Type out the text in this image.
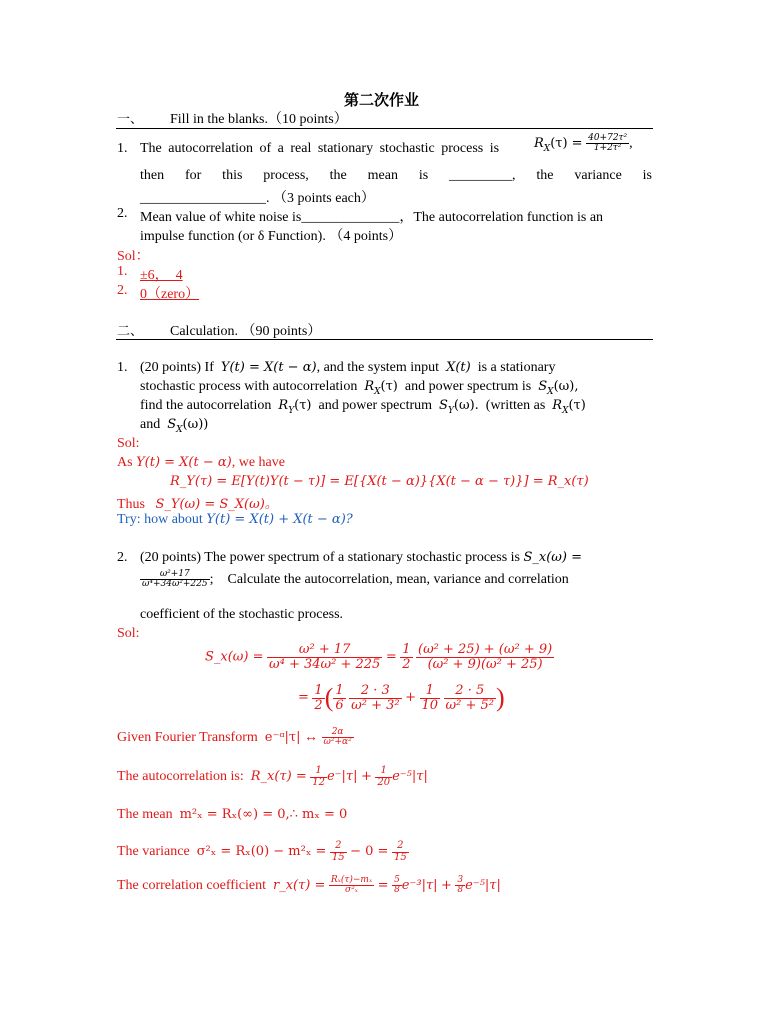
第二次作业
一、 Fill in the blanks.（10 points）
1. The autocorrelation of a real stationary stochastic process is	$R_X(\tau) = \frac{\text{40+72τ²}}{\text{1+2τ²}}$ ,
then for this process, the mean is _________, the variance is
__________________. （3 points each）
2. Mean value of white noise is______________，The autocorrelation function is an
impulse function (or δ Function). （4 points）
Sol：
1. ±6，  4
2. 0（zero）
二、 Calculation. （90 points）
1. (20 points) If Y(t) = X(t − α), and the system input X(t) is a stationary
stochastic process with autocorrelation $R_X(\tau)$ and power spectrum is $S_X(\omega)$,
find the autocorrelation $R_Y(\tau)$ and power spectrum $S_Y(\omega)$. (written as $R_X(\tau)$
and $S_X(\omega)$)
Sol:
As Y(t) = X(t − α), we have
R_Y(τ) = E[Y(t)Y(t − τ)] = E[{X(t − α)}{X(t − α − τ)}] = R_x(τ)
Thus S_Y(ω) = S_X(ω)。
Try: how about Y(t) = X(t) + X(t − α)?
2. (20 points) The power spectrum of a stationary stochastic process is S_x(ω) =
$\frac{\text{ω²+17}}{\text{ω⁴+34ω²+225}}$ ; Calculate the autocorrelation, mean, variance and correlation
coefficient of the stochastic process.
Sol:
S_x(ω) = $\frac{\text{ω² + 17}}{\text{ω⁴ + 34ω² + 225}} = \frac{1}{2}$
$\frac{\text{(ω² + 25) + (ω² + 9)}}{\text{(ω² + 9)(ω² + 25)}}$
= $\frac{1}{2}$ ( $\frac{1}{6}$
$\frac{2 \cdot 3}{\text{ω² + 3²}} + \frac{1}{10}$
$\frac{2 \cdot 5}{\text{ω² + 5²}}$ )
Given Fourier Transform e⁻ᵅ|τ| ↔ $\frac{2\alpha}{\text{ω²+α²}}$
The autocorrelation is: R_x(τ) = $\frac{1}{12} e^-|\tau| + \frac{1}{20} e^{-5}|\tau|$
The mean m²ₓ = Rₓ(∞) = 0,∴ mₓ = 0
The variance $\sigma^2_x = R_x(0) - m^2_x = \frac{2}{15} - 0 = \frac{2}{15}$
The correlation coefficient r_x(τ) = $\frac{\text{Rₓ(τ)−mₓ}}{\text{σ²ₓ}} = \frac{5}{8} e^{-3}|\tau| + \frac{3}{8} e^{-5}|\tau|$
